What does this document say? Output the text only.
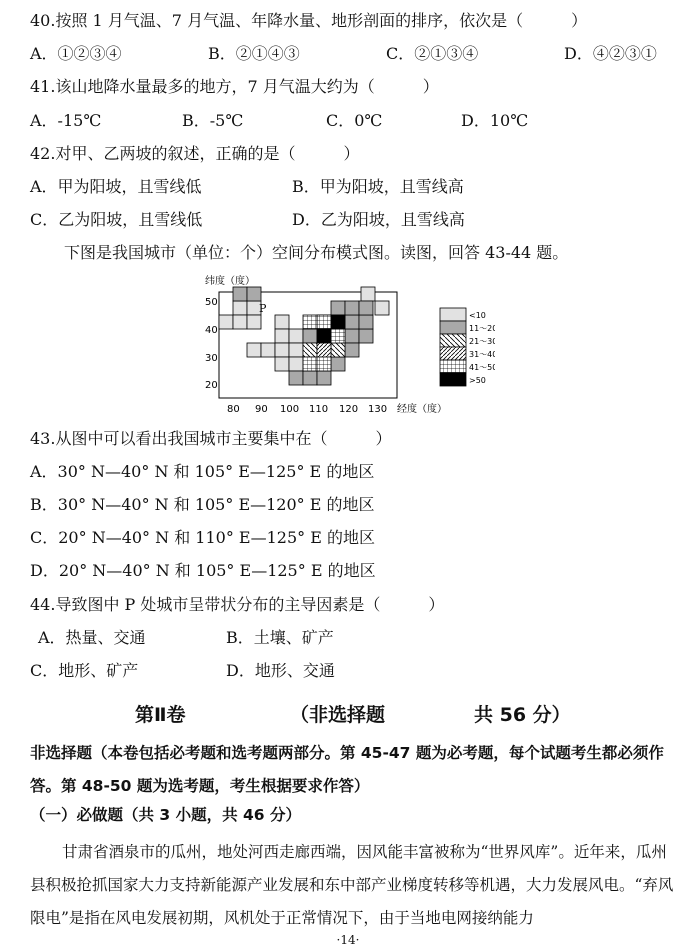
40.按照 1 月气温、7 月气温、年降水量、地形剖面的排序，依次是（　　　）
A．①②③④	B．②①④③	C．②①③④	D．④②③①
41.该山地降水量最多的地方，7 月气温大约为（　　　）
A．-15℃	B．-5℃	C．0℃	D．10℃
42.对甲、乙两坡的叙述，正确的是（　　　）
A．甲为阳坡，且雪线低	B．甲为阳坡，且雪线高
C．乙为阳坡，且雪线低	D．乙为阳坡，且雪线高
下图是我国城市（单位：个）空间分布模式图。读图，回答 43-44 题。
纬度（度）
经度（度）
50
40
30
20
80 90 100 110 120 130
P
<10
11～20
21～30
31～40
41～50
>50
43.从图中可以看出我国城市主要集中在（　　　）
A．30° N—40° N 和 105° E—125° E 的地区
B．30° N—40° N 和 105° E—120° E 的地区
C．20° N—40° N 和 110° E—125° E 的地区
D．20° N—40° N 和 105° E—125° E 的地区
44.导致图中 P 处城市呈带状分布的主导因素是（　　　）
A．热量、交通	B．土壤、矿产
C．地形、矿产	D．地形、交通
第Ⅱ卷	（非选择题	共 56 分）
非选择题（本卷包括必考题和选考题两部分。第 45-47 题为必考题，每个试题考生都必须作答。第 48-50 题为选考题，考生根据要求作答）
（一）必做题（共 3 小题，共 46 分）
甘肃省酒泉市的瓜州，地处河西走廊西端，因风能丰富被称为“世界风库”。近年来，瓜州县积极抢抓国家大力支持新能源产业发展和东中部产业梯度转移等机遇，大力发展风电。“弃风限电”是指在风电发展初期，风机处于正常情况下，由于当地电网接纳能力
·14·
